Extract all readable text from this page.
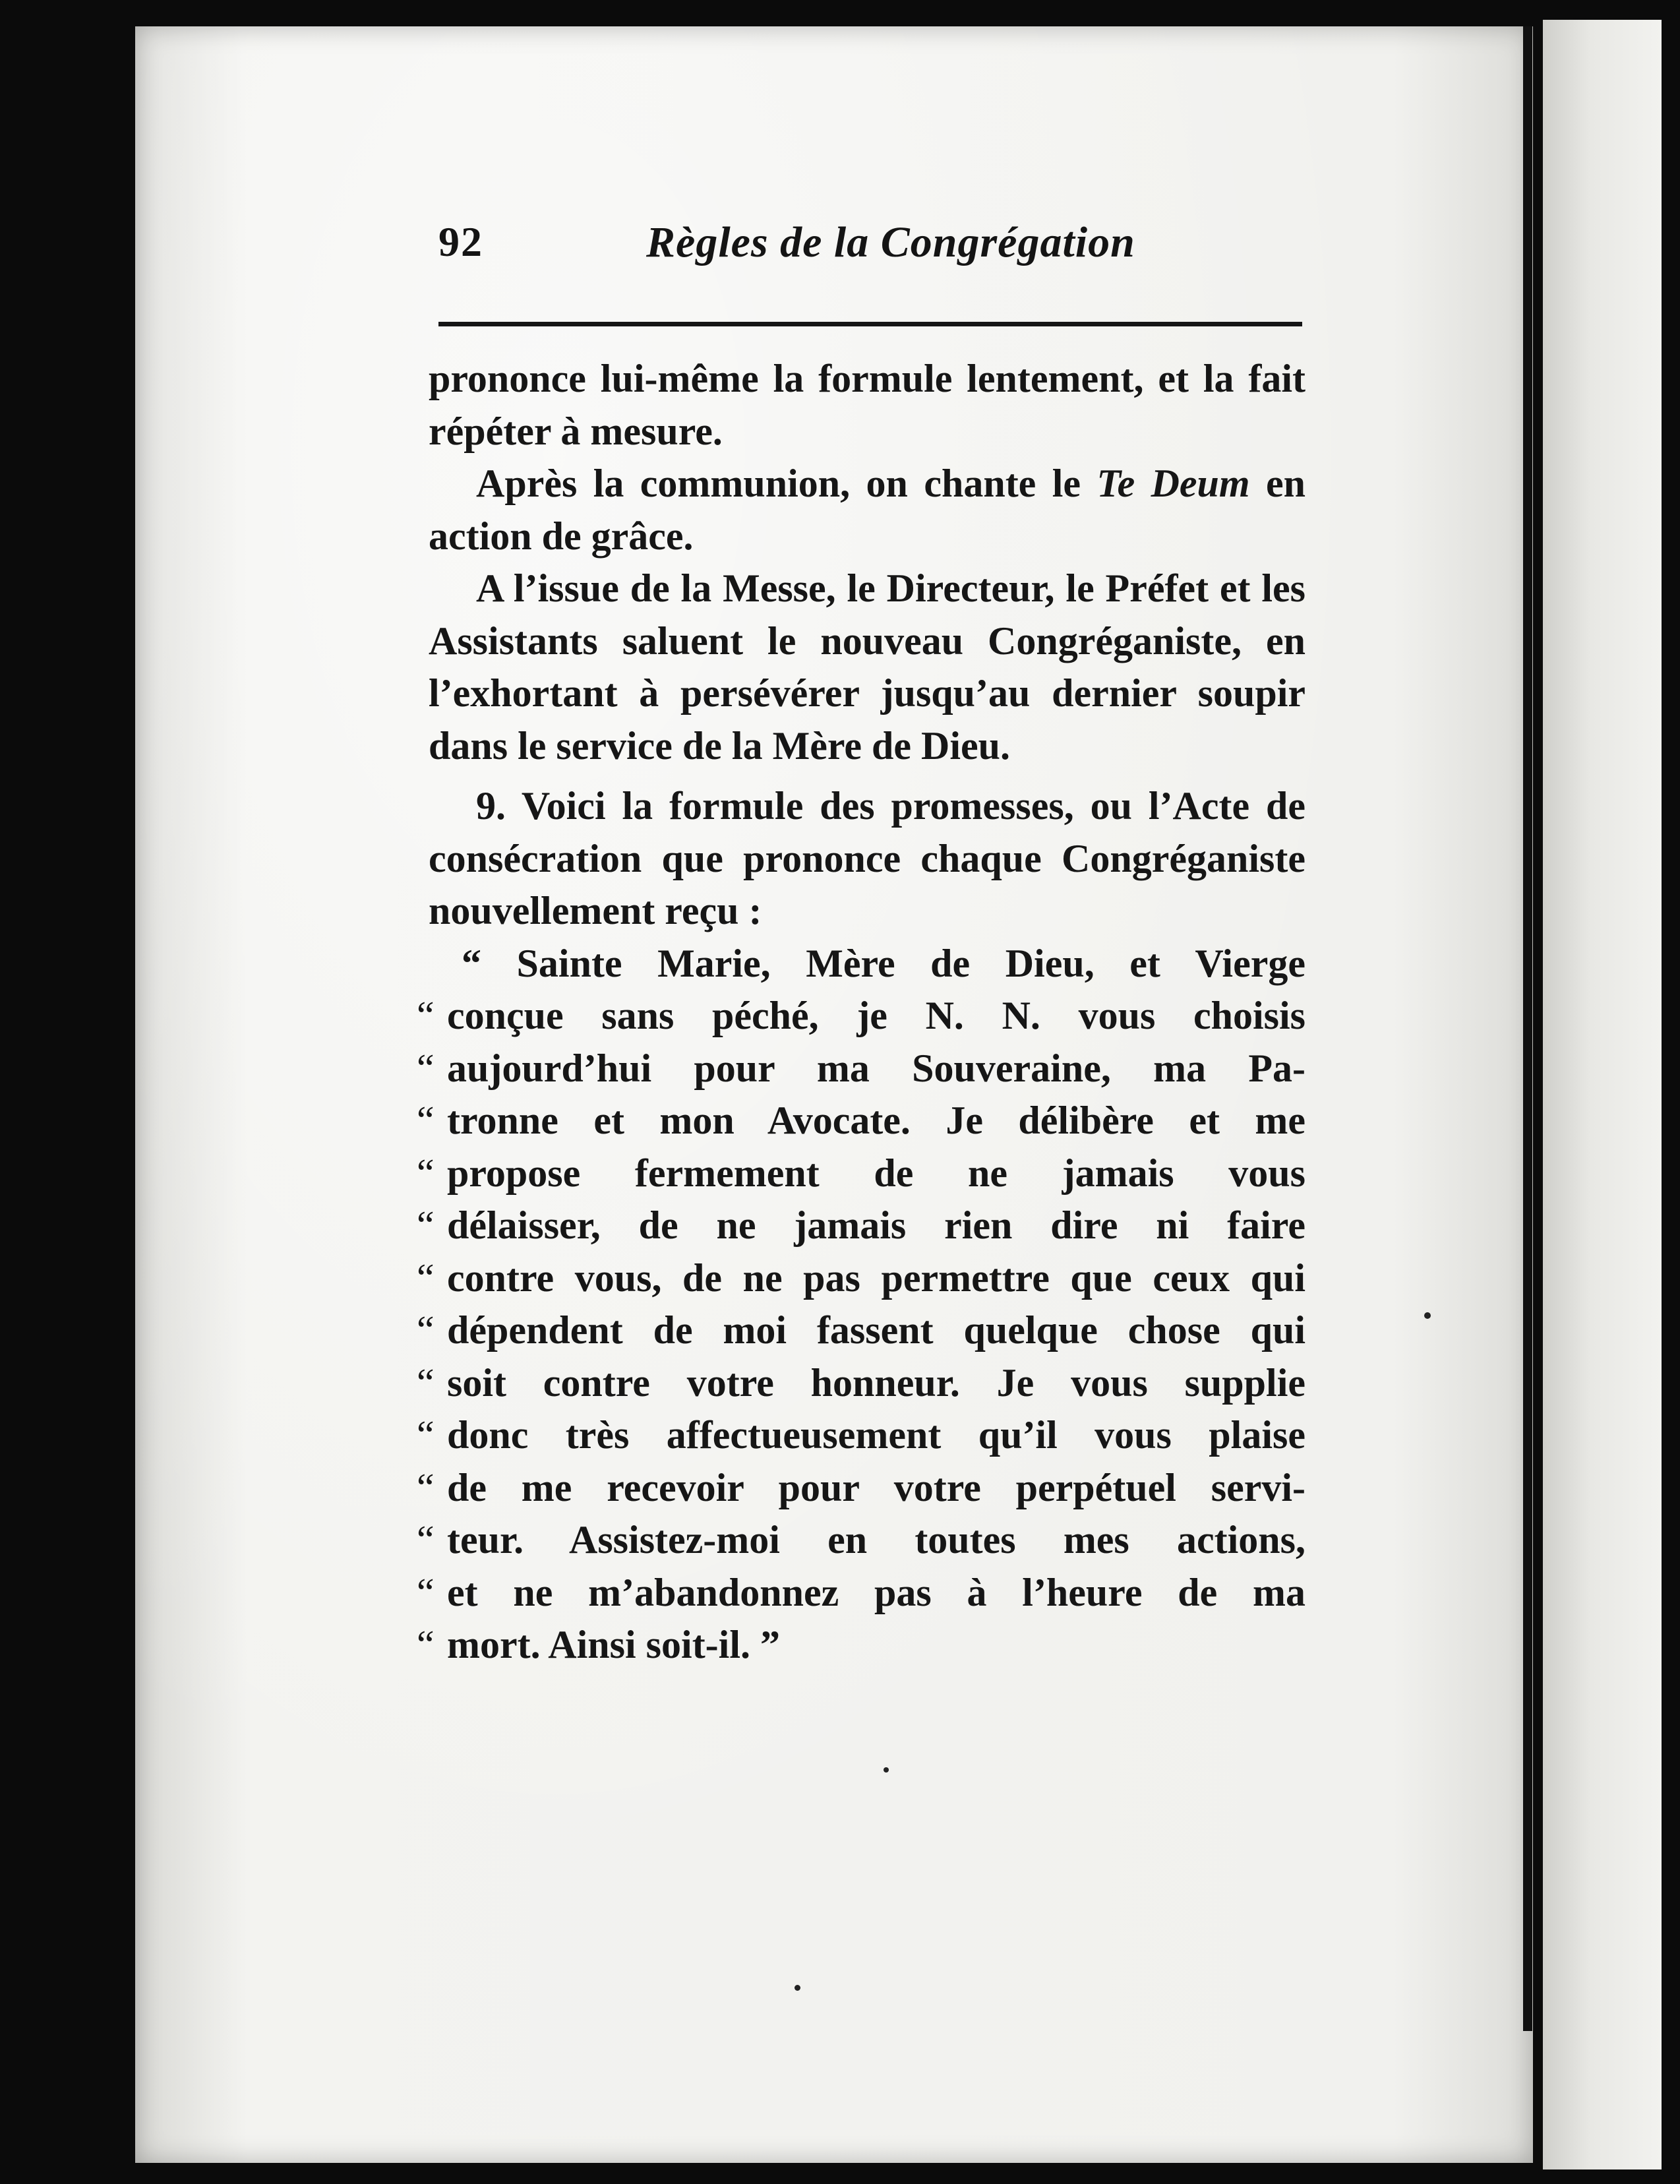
92	Règles de la Congrégation

prononce lui-même la formule lentement, et la fait répéter à mesure.

Après la communion, on chante le Te Deum en action de grâce.

A l’issue de la Messe, le Directeur, le Préfet et les Assistants saluent le nouveau Congréganiste, en l’exhortant à persévérer jusqu’au dernier soupir dans le service de la Mère de Dieu.

9. Voici la formule des promesses, ou l’Acte de consécration que prononce chaque Congréganiste nouvellement reçu :

“ Sainte Marie, Mère de Dieu, et Vierge
“ conçue sans péché, je N. N. vous choisis
“ aujourd’hui pour ma Souveraine, ma Pa-
“ tronne et mon Avocate. Je délibère et me
“ propose fermement de ne jamais vous
“ délaisser, de ne jamais rien dire ni faire
“ contre vous, de ne pas permettre que ceux qui
“ dépendent de moi fassent quelque chose qui
“ soit contre votre honneur. Je vous supplie
“ donc très affectueusement qu’il vous plaise
“ de me recevoir pour votre perpétuel servi-
“ teur. Assistez-moi en toutes mes actions,
“ et ne m’abandonnez pas à l’heure de ma
“ mort. Ainsi soit-il. ”
